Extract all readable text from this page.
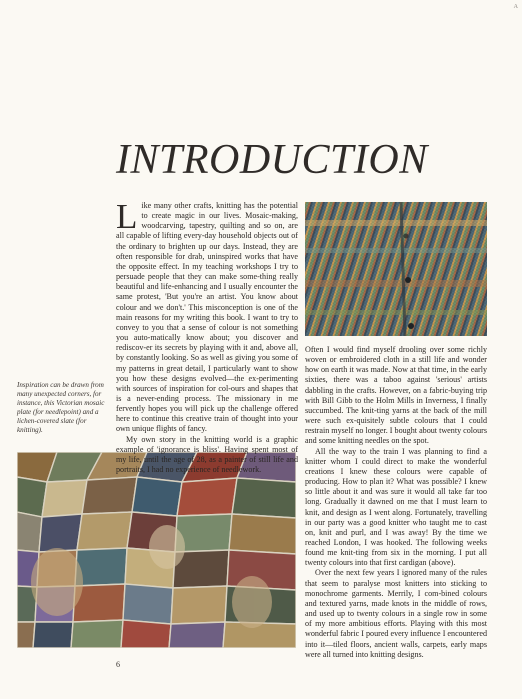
A
INTRODUCTION

Inspiration can be drawn from many unexpected corners, for instance, this Victorian mosaic plate (for needlepoint) and a lichen-covered slate (for knitting).

Like many other crafts, knitting has the potential to create magic in our lives. Mosaic-making, woodcarving, tapestry, quilting and so on, are all capable of lifting every-day household objects out of the ordinary to brighten up our days. Instead, they are often responsible for drab, uninspired works that have the opposite effect. In my teaching workshops I try to persuade people that they can make some-thing really beautiful and life-enhancing and I usually encounter the same protest, 'But you're an artist. You know about colour and we don't.' This misconception is one of the main reasons for my writing this book. I want to try to convey to you that a sense of colour is not something you auto-matically know about; you discover and rediscov-er its secrets by playing with it and, above all, by constantly looking. So as well as giving you some of my patterns in great detail, I particularly want to show you how these designs evolved—the ex-perimenting with sources of inspiration for col-ours and shapes that is a never-ending process. The missionary in me fervently hopes you will pick up the challenge offered here to continue this creative train of thought into your own unique flights of fancy.

My own story in the knitting world is a graphic example of 'ignorance is bliss'. Having spent most of my life, until the age of 28, as a painter of still life and portraits, I had no experience of needlework.

Often I would find myself drooling over some richly woven or embroidered cloth in a still life and wonder how on earth it was made. Now at that time, in the early sixties, there was a taboo against 'serious' artists dabbling in the crafts. However, on a fabric-buying trip with Bill Gibb to the Holm Mills in Inverness, I finally succumbed. The knit-ting yarns at the back of the mill were such ex-quisitely subtle colours that I could restrain myself no longer. I bought about twenty colours and some knitting needles on the spot.

All the way to the train I was planning to find a knitter whom I could direct to make the wonderful creations I knew these colours were capable of producing. How to plan it? What was possible? I knew so little about it and was sure it would all take far too long. Gradually it dawned on me that I must learn to knit, and design as I went along. Fortunately, travelling in our party was a good knitter who taught me to cast on, knit and purl, and I was away! By the time we reached London, I was hooked. The following weeks found me knit-ting from six in the morning. I put all twenty colours into that first cardigan (above).

Over the next few years I ignored many of the rules that seem to paralyse most knitters into sticking to monochrome garments. Merrily, I com-bined colours and textured yarns, made knots in the middle of rows, and used up to twenty colours in a single row in some of my more ambitious efforts. Playing with this most wonderful fabric I poured every influence I encountered into it—tiled floors, ancient walls, carpets, early maps were all turned into knitting designs.

6
